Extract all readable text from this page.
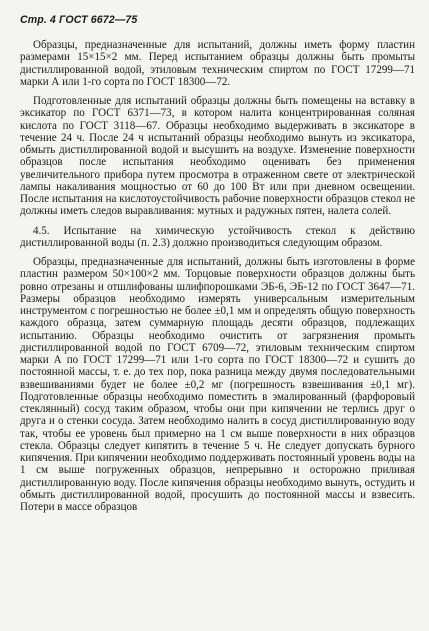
Стр. 4 ГОСТ 6672—75

Образцы, предназначенные для испытаний, должны иметь форму пластин размерами 15×15×2 мм. Перед испытанием образцы должны быть промыты дистиллированной водой, этиловым техническим спиртом по ГОСТ 17299—71 марки А или 1-го сорта по ГОСТ 18300—72.

Подготовленные для испытаний образцы должны быть помещены на вставку в эксикатор по ГОСТ 6371—73, в котором налита концентрированная соляная кислота по ГОСТ 3118—67. Образцы необходимо выдерживать в эксикаторе в течение 24 ч. После 24 ч испытаний образцы необходимо вынуть из эксикатора, обмыть дистиллированной водой и высушить на воздухе. Изменение поверхности образцов после испытания необходимо оценивать без применения увеличительного прибора путем просмотра в отраженном свете от электрической лампы накаливания мощностью от 60 до 100 Вт или при дневном освещении. После испытания на кислотоустойчивость рабочие поверхности образцов стекол не должны иметь следов выравливания: мутных и радужных пятен, налета солей.

4.5. Испытание на химическую устойчивость стекол к действию дистиллированной воды (п. 2.3) должно производиться следующим образом.

Образцы, предназначенные для испытаний, должны быть изготовлены в форме пластин размером 50×100×2 мм. Торцовые поверхности образцов должны быть ровно отрезаны и отшлифованы шлифпорошками ЭБ-6, ЭБ-12 по ГОСТ 3647—71. Размеры образцов необходимо измерять универсальным измерительным инструментом с погрешностью не более ±0,1 мм и определять общую поверхность каждого образца, затем суммарную площадь десяти образцов, подлежащих испытанию. Образцы необходимо очистить от загрязнения промыть дистиллированной водой по ГОСТ 6709—72, этиловым техническим спиртом марки А по ГОСТ 17299—71 или 1-го сорта по ГОСТ 18300—72 и сушить до постоянной массы, т. е. до тех пор, пока разница между двумя последовательными взвешиваниями будет не более ±0,2 мг (погрешность взвешивания ±0,1 мг). Подготовленные образцы необходимо поместить в эмалированный (фарфоровый стеклянный) сосуд таким образом, чтобы они при кипячении не терлись друг о друга и о стенки сосуда. Затем необходимо налить в сосуд дистиллированную воду так, чтобы ее уровень был примерно на 1 см выше поверхности в них образцов стекла. Образцы следует кипятить в течение 5 ч. Не следует допускать бурного кипячения. При кипячении необходимо поддерживать постоянный уровень воды на 1 см выше погруженных образцов, непрерывно и осторожно приливая дистиллированную воду. После кипячения образцы необходимо вынуть, остудить и обмыть дистиллированной водой, просушить до постоянной массы и взвесить. Потери в массе образцов
